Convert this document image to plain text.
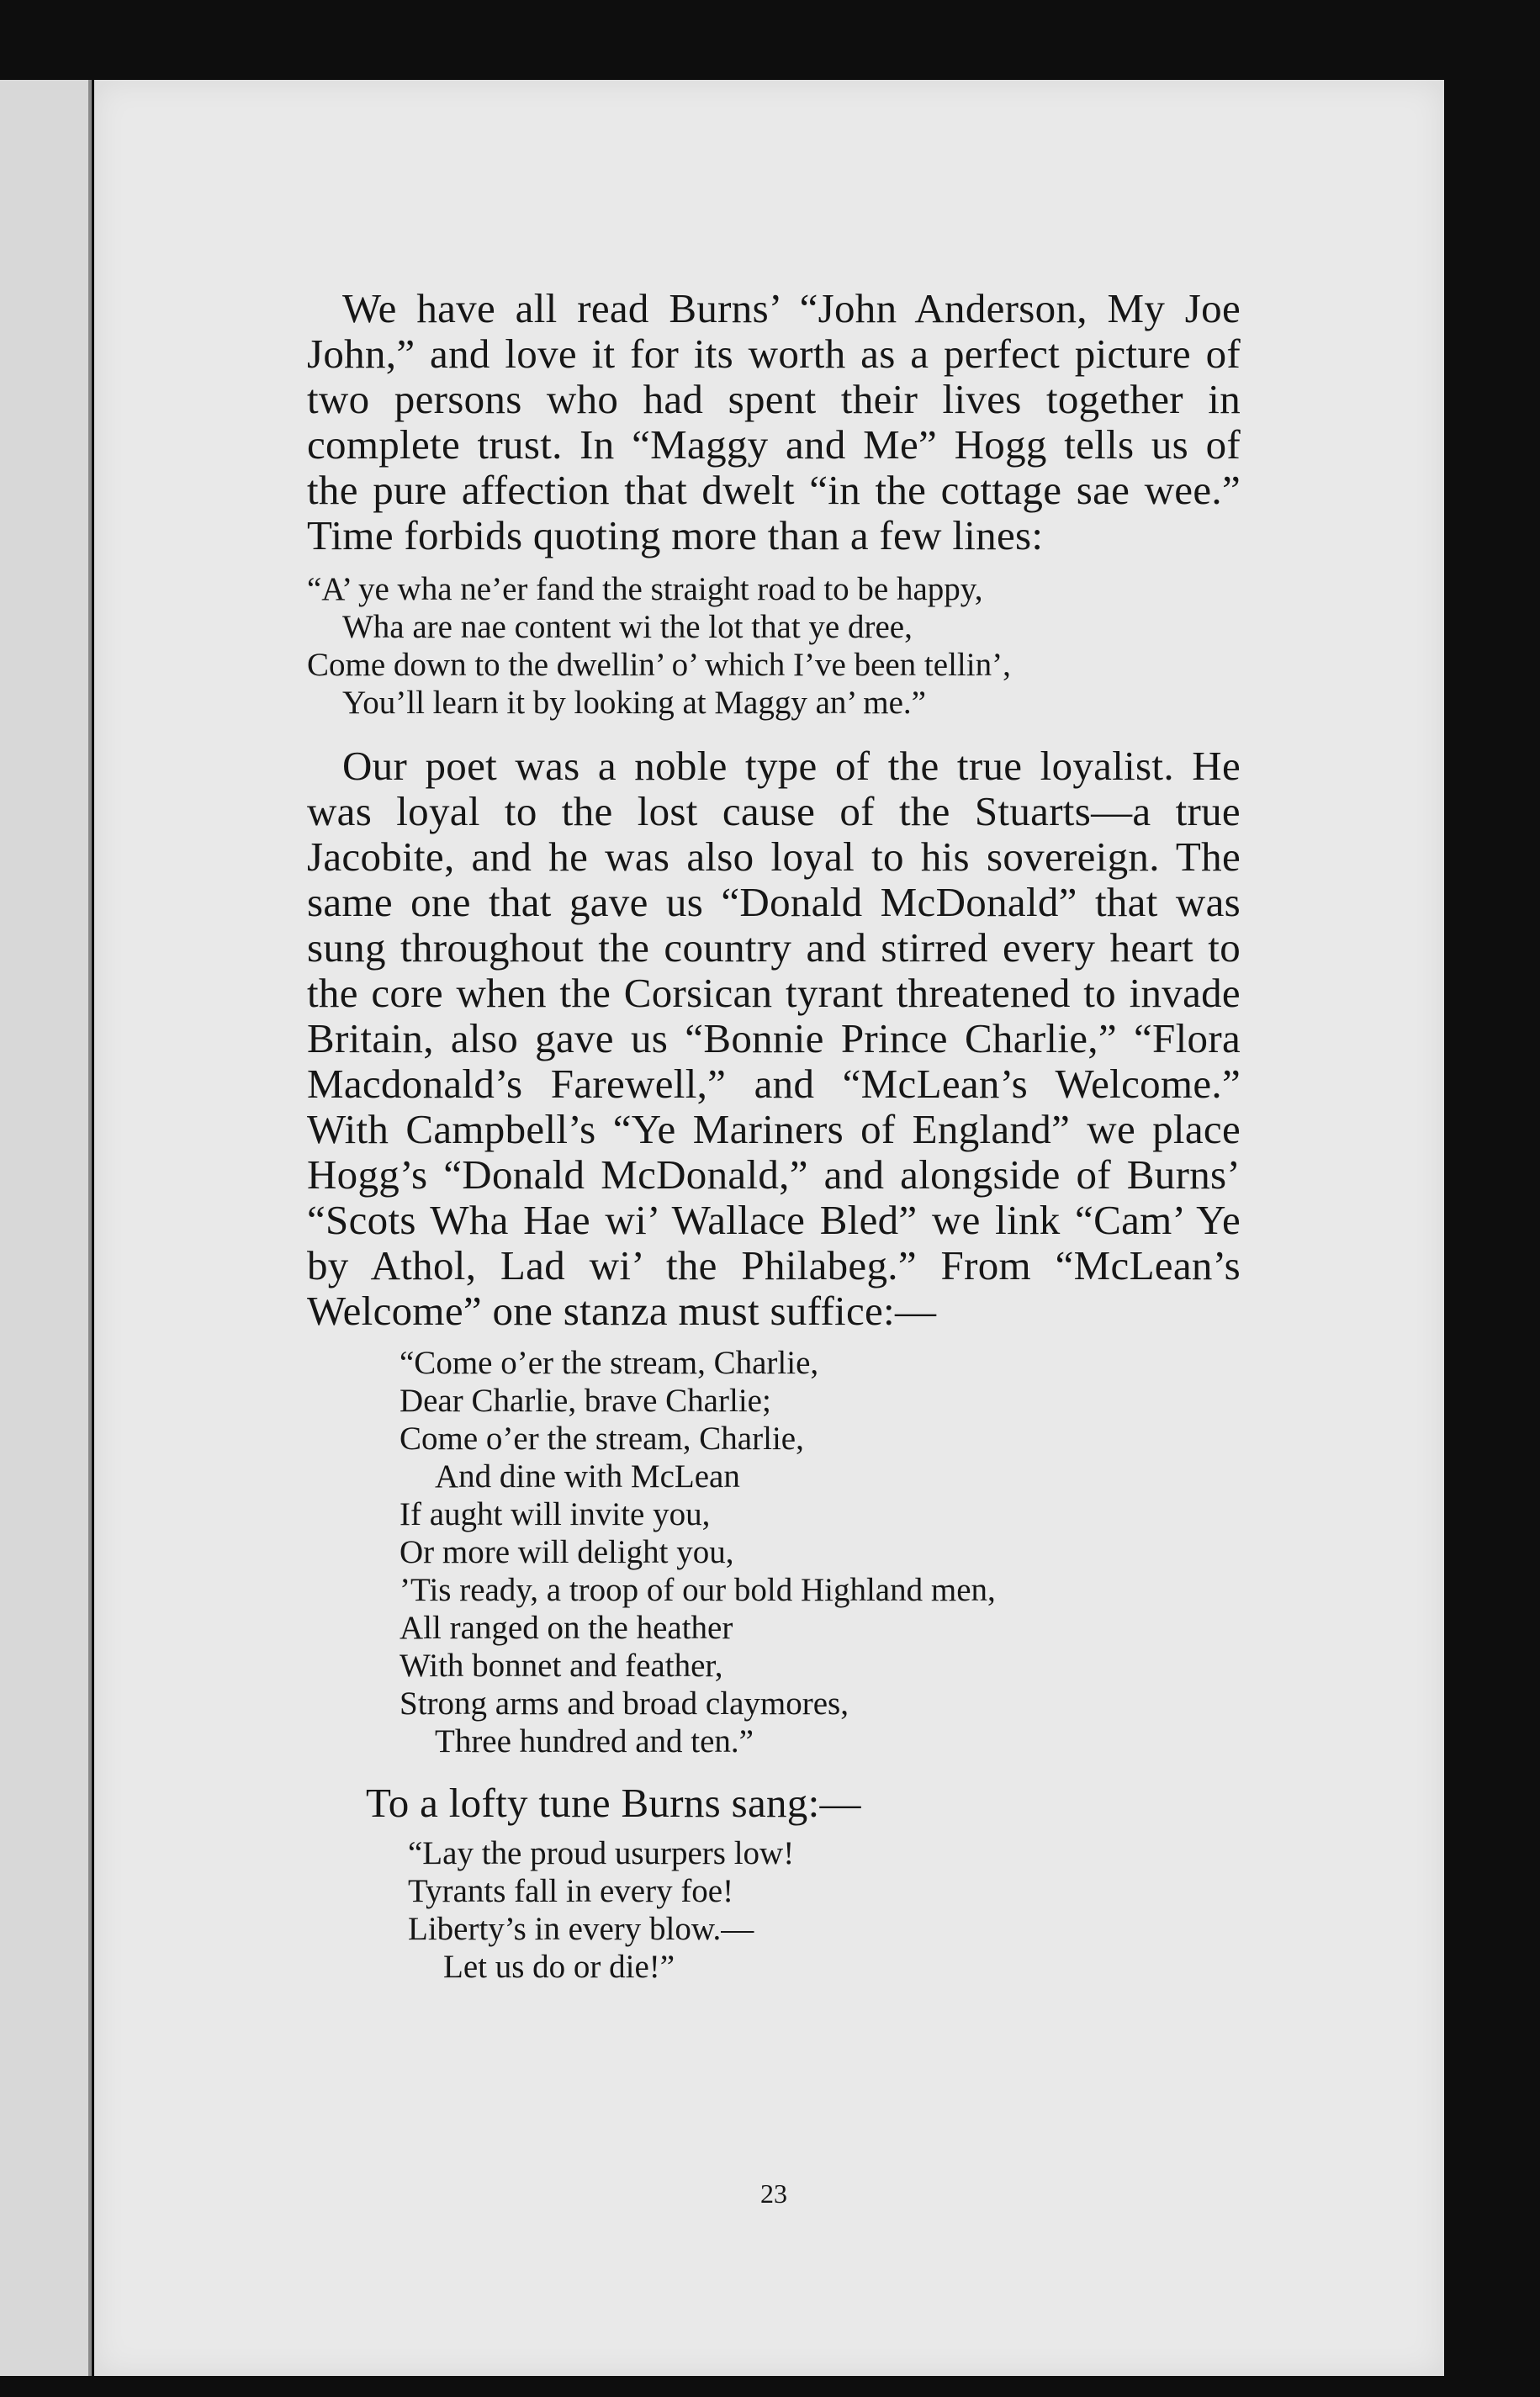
We have all read Burns’ “John Anderson, My Joe John,” and love it for its worth as a perfect picture of two persons who had spent their lives together in complete trust. In “Maggy and Me” Hogg tells us of the pure affection that dwelt “in the cottage sae wee.” Time forbids quoting more than a few lines:

“A’ ye wha ne’er fand the straight road to be happy,
Wha are nae content wi the lot that ye dree,
Come down to the dwellin’ o’ which I’ve been tellin’,
You’ll learn it by looking at Maggy an’ me.”

Our poet was a noble type of the true loyalist. He was loyal to the lost cause of the Stuarts—a true Jacobite, and he was also loyal to his sovereign. The same one that gave us “Donald McDonald” that was sung throughout the country and stirred every heart to the core when the Corsican tyrant threatened to invade Britain, also gave us “Bonnie Prince Charlie,” “Flora Macdonald’s Farewell,” and “McLean’s Welcome.” With Campbell’s “Ye Mariners of England” we place Hogg’s “Donald McDonald,” and alongside of Burns’ “Scots Wha Hae wi’ Wallace Bled” we link “Cam’ Ye by Athol, Lad wi’ the Philabeg.” From “McLean’s Welcome” one stanza must suffice:—

“Come o’er the stream, Charlie,
Dear Charlie, brave Charlie;
Come o’er the stream, Charlie,
And dine with McLean
If aught will invite you,
Or more will delight you,
’Tis ready, a troop of our bold Highland men,
All ranged on the heather
With bonnet and feather,
Strong arms and broad claymores,
Three hundred and ten.”

To a lofty tune Burns sang:—

“Lay the proud usurpers low!
Tyrants fall in every foe!
Liberty’s in every blow.—
Let us do or die!”

23
